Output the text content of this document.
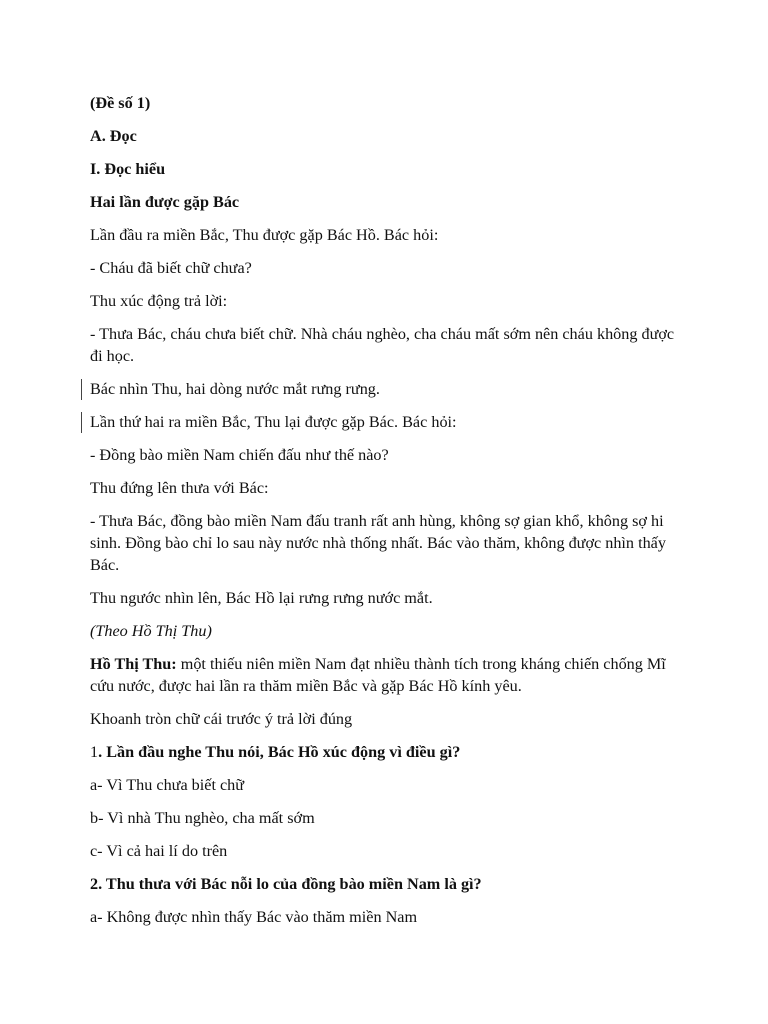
(Đề số 1)

A. Đọc

I. Đọc hiểu

Hai lần được gặp Bác

Lần đầu ra miền Bắc, Thu được gặp Bác Hồ. Bác hỏi:

- Cháu đã biết chữ chưa?

Thu xúc động trả lời:

- Thưa Bác, cháu chưa biết chữ. Nhà cháu nghèo, cha cháu mất sớm nên cháu không được đi học.

Bác nhìn Thu, hai dòng nước mắt rưng rưng.

Lần thứ hai ra miền Bắc, Thu lại được gặp Bác. Bác hỏi:

- Đồng bào miền Nam chiến đấu như thế nào?

Thu đứng lên thưa với Bác:

- Thưa Bác, đồng bào miền Nam đấu tranh rất anh hùng, không sợ gian khổ, không sợ hi sinh. Đồng bào chỉ lo sau này nước nhà thống nhất. Bác vào thăm, không được nhìn thấy Bác.

Thu ngước nhìn lên, Bác Hồ lại rưng rưng nước mắt.

(Theo Hồ Thị Thu)

Hồ Thị Thu: một thiếu niên miền Nam đạt nhiều thành tích trong kháng chiến chống Mĩ cứu nước, được hai lần ra thăm miền Bắc và gặp Bác Hồ kính yêu.

Khoanh tròn chữ cái trước ý trả lời đúng

1. Lần đầu nghe Thu nói, Bác Hồ xúc động vì điều gì?

a- Vì Thu chưa biết chữ

b- Vì nhà Thu nghèo, cha mất sớm

c- Vì cả hai lí do trên

2. Thu thưa với Bác nỗi lo của đồng bào miền Nam là gì?

a- Không được nhìn thấy Bác vào thăm miền Nam
